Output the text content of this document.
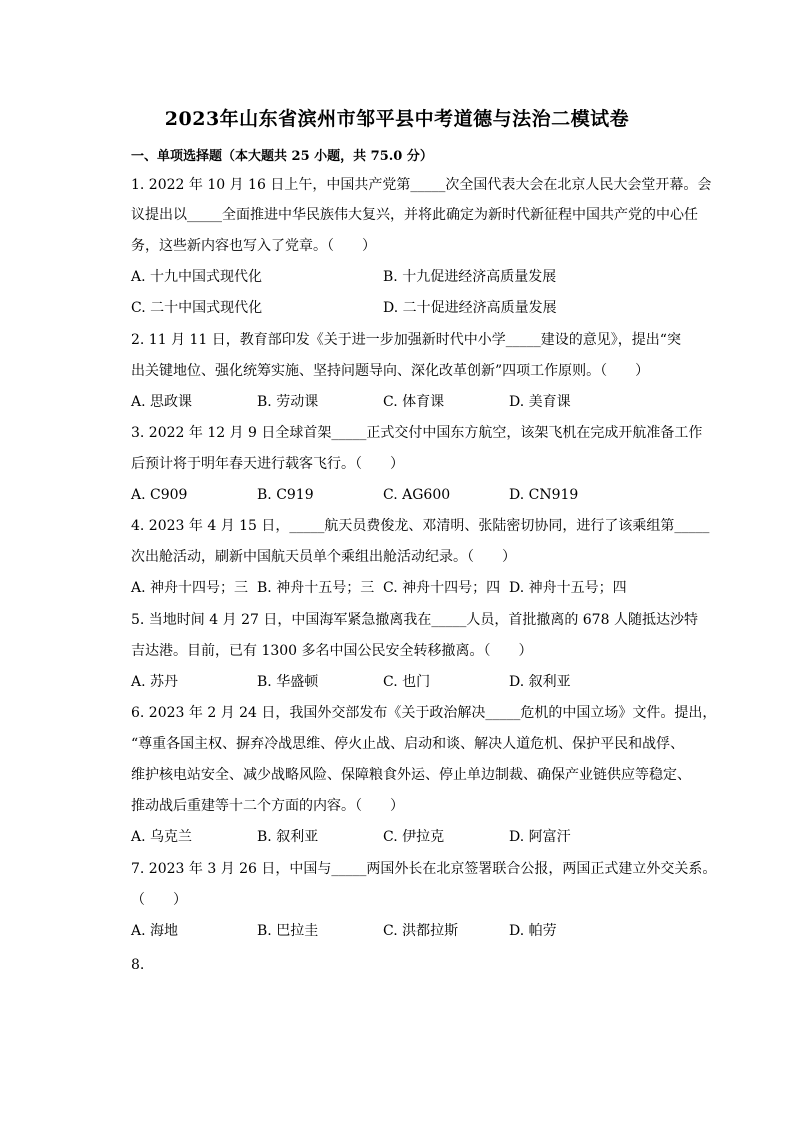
2023年山东省滨州市邹平县中考道德与法治二模试卷
一、单项选择题（本大题共 25 小题，共 75.0 分）
1. 2022 年 10 月 16 日上午，中国共产党第_____次全国代表大会在北京人民大会堂开幕。会
议提出以_____全面推进中华民族伟大复兴，并将此确定为新时代新征程中国共产党的中心任
务，这些新内容也写入了党章。（　　）
A. 十九中国式现代化	B. 十九促进经济高质量发展
C. 二十中国式现代化	D. 二十促进经济高质量发展
2. 11 月 11 日，教育部印发《关于进一步加强新时代中小学_____建设的意见》，提出“突
出关键地位、强化统筹实施、坚持问题导向、深化改革创新”四项工作原则。（　　）
A. 思政课	B. 劳动课	C. 体育课	D. 美育课
3. 2022 年 12 月 9 日全球首架_____正式交付中国东方航空，该架飞机在完成开航准备工作
后预计将于明年春天进行载客飞行。（　　）
A. C909	B. C919	C. AG600	D. CN919
4. 2023 年 4 月 15 日，_____航天员费俊龙、邓清明、张陆密切协同，进行了该乘组第_____
次出舱活动，刷新中国航天员单个乘组出舱活动纪录。（　　）
A. 神舟十四号；三 B. 神舟十五号；三 C. 神舟十四号；四 D. 神舟十五号；四
5. 当地时间 4 月 27 日，中国海军紧急撤离我在_____人员，首批撤离的 678 人随抵达沙特
吉达港。目前，已有 1300 多名中国公民安全转移撤离。（　　）
A. 苏丹	B. 华盛顿	C. 也门	D. 叙利亚
6. 2023 年 2 月 24 日，我国外交部发布《关于政治解决_____危机的中国立场》文件。提出，
“尊重各国主权、摒弃冷战思维、停火止战、启动和谈、解决人道危机、保护平民和战俘、
维护核电站安全、减少战略风险、保障粮食外运、停止单边制裁、确保产业链供应等稳定、
推动战后重建等十二个方面的内容。（　　）
A. 乌克兰	B. 叙利亚	C. 伊拉克	D. 阿富汗
7. 2023 年 3 月 26 日，中国与_____两国外长在北京签署联合公报，两国正式建立外交关系。
（　　）
A. 海地	B. 巴拉圭	C. 洪都拉斯	D. 帕劳
8.
